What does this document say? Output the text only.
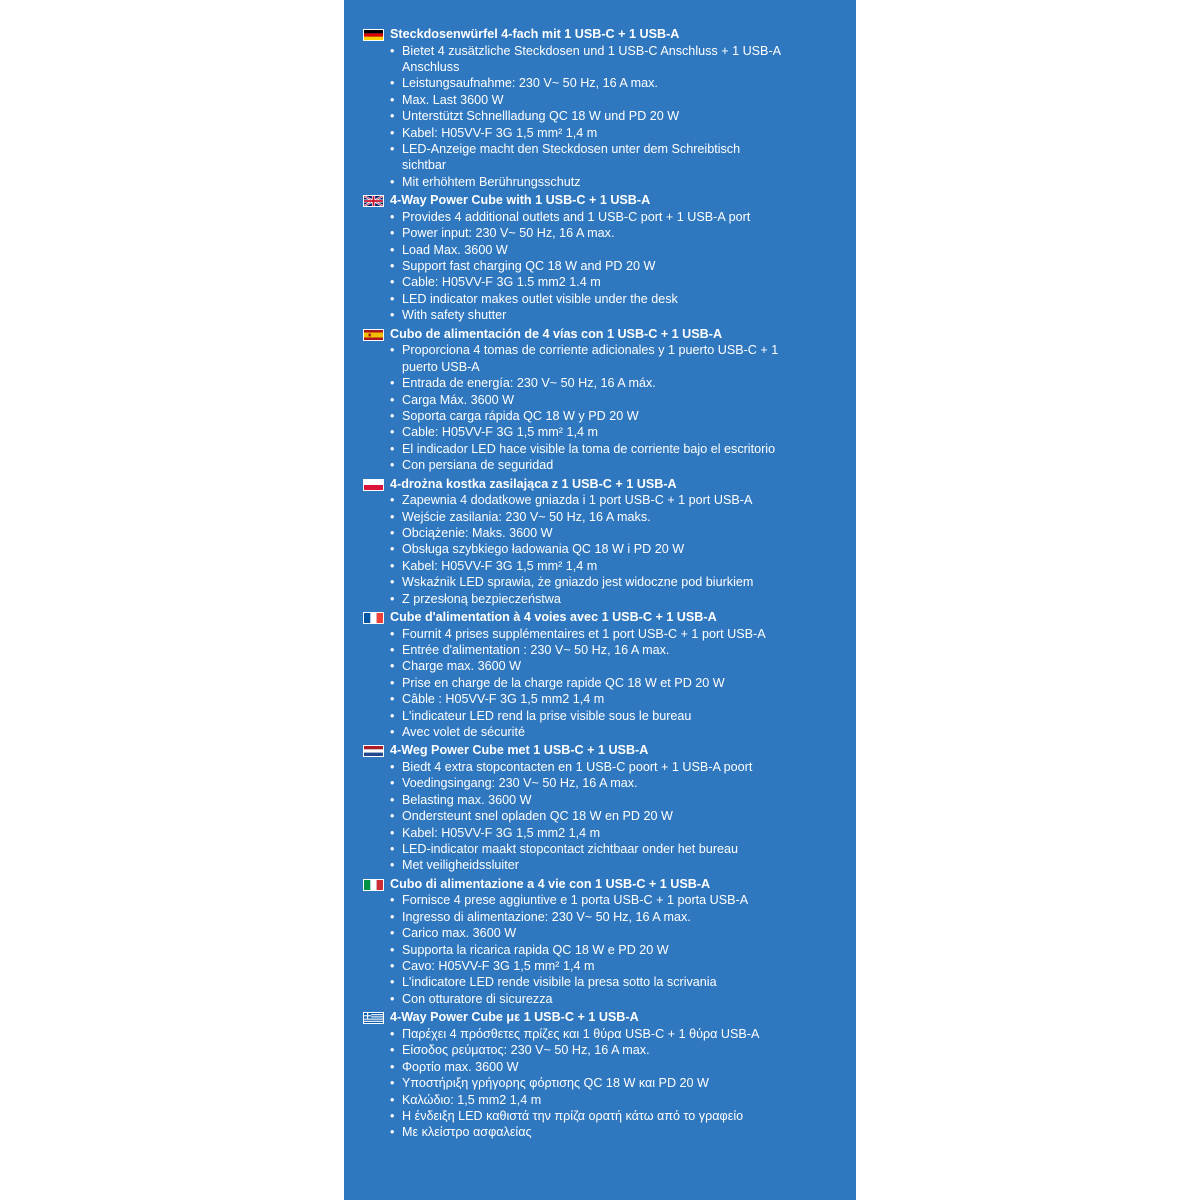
Steckdosenwürfel 4-fach mit 1 USB-C + 1 USB-A
• Bietet 4 zusätzliche Steckdosen und 1 USB-C Anschluss + 1 USB-A Anschluss
• Leistungsaufnahme: 230 V~ 50 Hz, 16 A max.
• Max. Last 3600 W
• Unterstützt Schnellladung QC 18 W und PD 20 W
• Kabel: H05VV-F 3G 1,5 mm² 1,4 m
• LED-Anzeige macht den Steckdosen unter dem Schreibtisch sichtbar
• Mit erhöhtem Berührungsschutz
4-Way Power Cube with 1 USB-C + 1 USB-A
• Provides 4 additional outlets and 1 USB-C port + 1 USB-A port
• Power input: 230 V~ 50 Hz, 16 A max.
• Load Max. 3600 W
• Support fast charging QC 18 W and PD 20 W
• Cable: H05VV-F 3G 1.5 mm2 1.4 m
• LED indicator makes outlet visible under the desk
• With safety shutter
Cubo de alimentación de 4 vías con 1 USB-C + 1 USB-A
• Proporciona 4 tomas de corriente adicionales y 1 puerto USB-C + 1 puerto USB-A
• Entrada de energía: 230 V~ 50 Hz, 16 A máx.
• Carga Máx. 3600 W
• Soporta carga rápida QC 18 W y PD 20 W
• Cable: H05VV-F 3G 1,5 mm² 1,4 m
• El indicador LED hace visible la toma de corriente bajo el escritorio
• Con persiana de seguridad
4-drożna kostka zasilająca z 1 USB-C + 1 USB-A
• Zapewnia 4 dodatkowe gniazda i 1 port USB-C + 1 port USB-A
• Wejście zasilania: 230 V~ 50 Hz, 16 A maks.
• Obciążenie: Maks. 3600 W
• Obsługa szybkiego ładowania QC 18 W i PD 20 W
• Kabel: H05VV-F 3G 1,5 mm² 1,4 m
• Wskaźnik LED sprawia, że gniazdo jest widoczne pod biurkiem
• Z przesłoną bezpieczeństwa
Cube d'alimentation à 4 voies avec 1 USB-C + 1 USB-A
• Fournit 4 prises supplémentaires et 1 port USB-C + 1 port USB-A
• Entrée d'alimentation : 230 V~ 50 Hz, 16 A max.
• Charge max. 3600 W
• Prise en charge de la charge rapide QC 18 W et PD 20 W
• Câble : H05VV-F 3G 1,5 mm2 1,4 m
• L'indicateur LED rend la prise visible sous le bureau
• Avec volet de sécurité
4-Weg Power Cube met 1 USB-C + 1 USB-A
• Biedt 4 extra stopcontacten en 1 USB-C poort + 1 USB-A poort
• Voedingsingang: 230 V~ 50 Hz, 16 A max.
• Belasting max. 3600 W
• Ondersteunt snel opladen QC 18 W en PD 20 W
• Kabel: H05VV-F 3G 1,5 mm2 1,4 m
• LED-indicator maakt stopcontact zichtbaar onder het bureau
• Met veiligheidssluiter
Cubo di alimentazione a 4 vie con 1 USB-C + 1 USB-A
• Fornisce 4 prese aggiuntive e 1 porta USB-C + 1 porta USB-A
• Ingresso di alimentazione: 230 V~ 50 Hz, 16 A max.
• Carico max. 3600 W
• Supporta la ricarica rapida QC 18 W e PD 20 W
• Cavo: H05VV-F 3G 1,5 mm² 1,4 m
• L'indicatore LED rende visibile la presa sotto la scrivania
• Con otturatore di sicurezza
4-Way Power Cube με 1 USB-C + 1 USB-A
• Παρέχει 4 πρόσθετες πρίζες και 1 θύρα USB-C + 1 θύρα USB-A
• Είσοδος ρεύματος: 230 V~ 50 Hz, 16 A max.
• Φορτίο max. 3600 W
• Υποστήριξη γρήγορης φόρτισης QC 18 W και PD 20 W
• Καλώδιο: 1,5 mm2 1,4 m
• Η ένδειξη LED καθιστά την πρίζα ορατή κάτω από το γραφείο
• Με κλείστρο ασφαλείας
